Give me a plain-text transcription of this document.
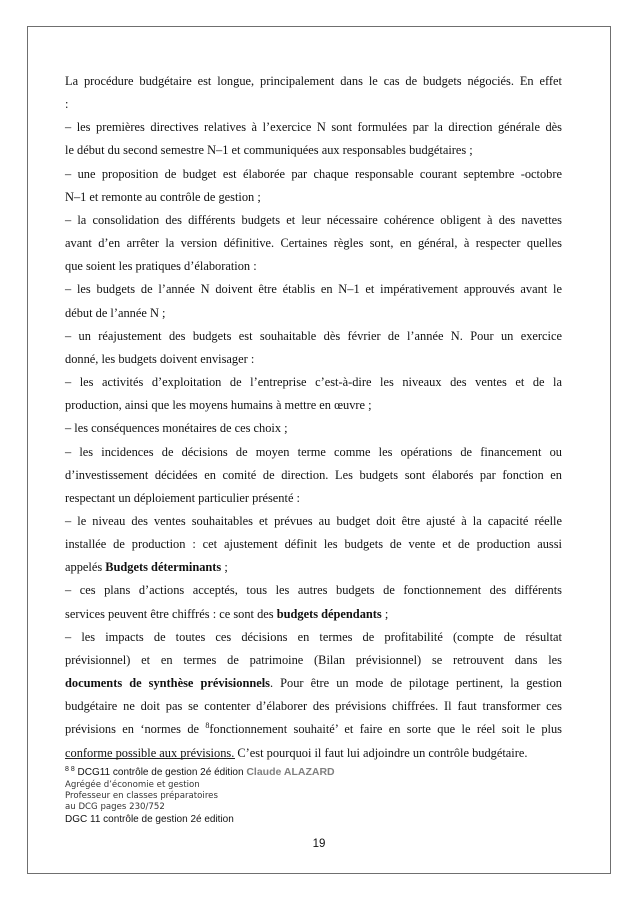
La procédure budgétaire est longue, principalement dans le cas de budgets négociés. En effet
:
– les premières directives relatives à l’exercice N sont formulées par la direction générale dès
le début du second semestre N–1 et communiquées aux responsables budgétaires ;
– une proposition de budget est élaborée par chaque responsable courant septembre -octobre
N–1 et remonte au contrôle de gestion ;
– la consolidation des différents budgets et leur nécessaire cohérence obligent à des navettes
avant d’en arrêter la version définitive. Certaines règles sont, en général, à respecter quelles
que soient les pratiques d’élaboration :
– les budgets de l’année N doivent être établis en N–1 et impérativement approuvés avant le
début de l’année N ;
– un réajustement des budgets est souhaitable dès février de l’année N. Pour un exercice
donné, les budgets doivent envisager :
– les activités d’exploitation de l’entreprise c’est-à-dire les niveaux des ventes et de la
production, ainsi que les moyens humains à mettre en œuvre ;
– les conséquences monétaires de ces choix ;
– les incidences de décisions de moyen terme comme les opérations de financement ou
d’investissement décidées en comité de direction. Les budgets sont élaborés par fonction en
respectant un déploiement particulier présenté :
– le niveau des ventes souhaitables et prévues au budget doit être ajusté à la capacité réelle
installée de production : cet ajustement définit les budgets de vente et de production aussi
appelés Budgets déterminants ;
– ces plans d’actions acceptés, tous les autres budgets de fonctionnement des différents
services peuvent être chiffrés : ce sont des budgets dépendants ;
– les impacts de toutes ces décisions en termes de profitabilité (compte de résultat
prévisionnel) et en termes de patrimoine (Bilan prévisionnel) se retrouvent dans les
documents de synthèse prévisionnels. Pour être un mode de pilotage pertinent, la gestion
budgétaire ne doit pas se contenter d’élaborer des prévisions chiffrées. Il faut transformer ces
prévisions en ‘normes de $^8$fonctionnement souhaité’ et faire en sorte que le réel soit le plus
conforme possible aux prévisions. C’est pourquoi il faut lui adjoindre un contrôle budgétaire.
$^{8 8}$ DCG11 contrôle de gestion 2é édition Claude ALAZARD
Agrégée d’économie et gestion
Professeur en classes préparatoires
au DCG pages 230/752
DGC 11 contrôle de gestion 2é edition
19
